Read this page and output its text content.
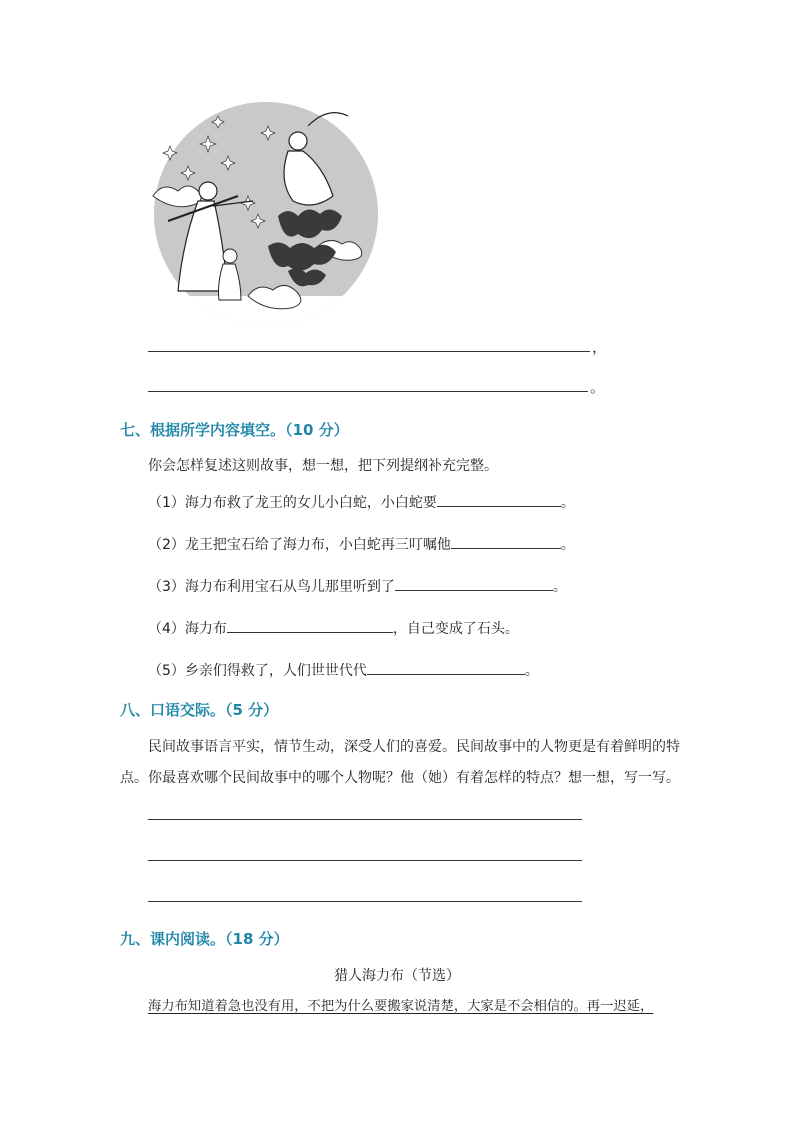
，
。
七、根据所学内容填空。（10 分）
你会怎样复述这则故事，想一想，把下列提纲补充完整。
（1）海力布救了龙王的女儿小白蛇，小白蛇要	。
（2）龙王把宝石给了海力布，小白蛇再三叮嘱他	。
（3）海力布利用宝石从鸟儿那里听到了	。
（4）海力布	，自己变成了石头。
（5）乡亲们得救了，人们世世代代	。
八、口语交际。（5 分）
民间故事语言平实，情节生动，深受人们的喜爱。民间故事中的人物更是有着鲜明的特
点。你最喜欢哪个民间故事中的哪个人物呢？他（她）有着怎样的特点？想一想，写一写。
九、课内阅读。（18 分）
猎人海力布（节选）
海力布知道着急也没有用，不把为什么要搬家说清楚，大家是不会相信的。再一迟延，
